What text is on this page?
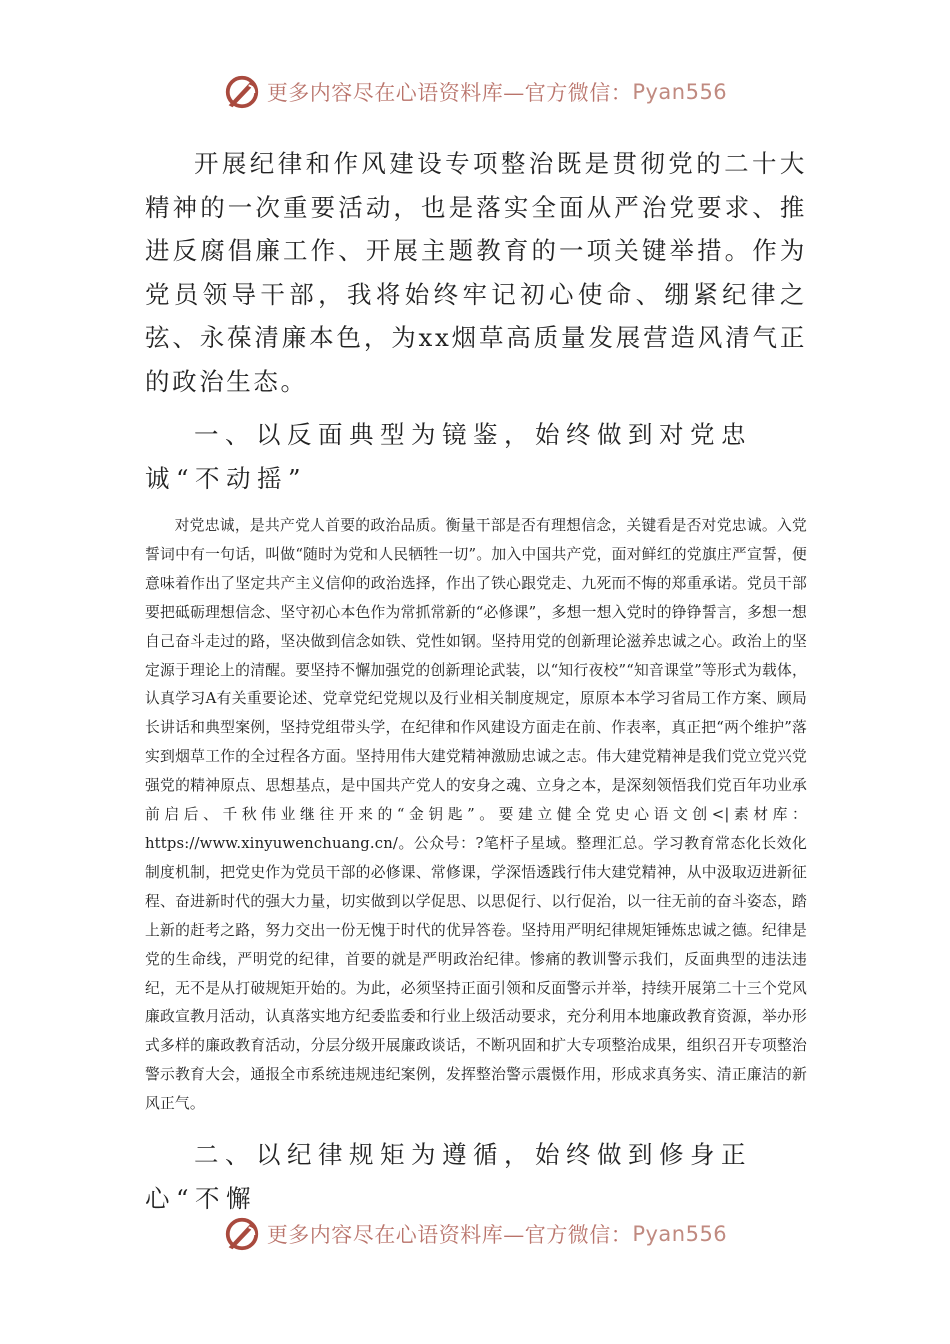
更多内容尽在心语资料库—官方微信： Pyan556

开展纪律和作风建设专项整治既是贯彻党的二十大精神的一次重要活动，也是落实全面从严治党要求、推进反腐倡廉工作、开展主题教育的一项关键举措。作为党员领导干部，我将始终牢记初心使命、绷紧纪律之弦、永葆清廉本色，为xx烟草高质量发展营造风清气正的政治生态。

一、以反面典型为镜鉴，始终做到对党忠诚“不动摇”

对党忠诚，是共产党人首要的政治品质。衡量干部是否有理想信念，关键看是否对党忠诚。入党誓词中有一句话，叫做“随时为党和人民牺牲一切”。加入中国共产党，面对鲜红的党旗庄严宣誓，便意味着作出了坚定共产主义信仰的政治选择，作出了铁心跟党走、九死而不悔的郑重承诺。党员干部要把砥砺理想信念、坚守初心本色作为常抓常新的“必修课”，多想一想入党时的铮铮誓言，多想一想自己奋斗走过的路，坚决做到信念如铁、党性如钢。坚持用党的创新理论滋养忠诚之心。政治上的坚定源于理论上的清醒。要坚持不懈加强党的创新理论武装，以“知行夜校”“知音课堂”等形式为载体，认真学习A有关重要论述、党章党纪党规以及行业相关制度规定，原原本本学习省局工作方案、顾局长讲话和典型案例，坚持党组带头学，在纪律和作风建设方面走在前、作表率，真正把“两个维护”落实到烟草工作的全过程各方面。坚持用伟大建党精神激励忠诚之志。伟大建党精神是我们党立党兴党强党的精神原点、思想基点，是中国共产党人的安身之魂、立身之本，是深刻领悟我们党百年功业承前启后、千秋伟业继往开来的“金钥匙”。要建立健全党史心语文创<|素材库：https://www.xinyuwenchuang.cn/。公众号：?笔杆子星域。整理汇总。学习教育常态化长效化制度机制，把党史作为党员干部的必修课、常修课，学深悟透践行伟大建党精神，从中汲取迈进新征程、奋进新时代的强大力量，切实做到以学促思、以思促行、以行促治，以一往无前的奋斗姿态，踏上新的赶考之路，努力交出一份无愧于时代的优异答卷。坚持用严明纪律规矩锤炼忠诚之德。纪律是党的生命线，严明党的纪律，首要的就是严明政治纪律。惨痛的教训警示我们，反面典型的违法违纪，无不是从打破规矩开始的。为此，必须坚持正面引领和反面警示并举，持续开展第二十三个党风廉政宣教月活动，认真落实地方纪委监委和行业上级活动要求，充分利用本地廉政教育资源，举办形式多样的廉政教育活动，分层分级开展廉政谈话，不断巩固和扩大专项整治成果，组织召开专项整治警示教育大会，通报全市系统违规违纪案例，发挥整治警示震慑作用，形成求真务实、清正廉洁的新风正气。

二、以纪律规矩为遵循，始终做到修身正心“不懈

更多内容尽在心语资料库—官方微信： Pyan556
